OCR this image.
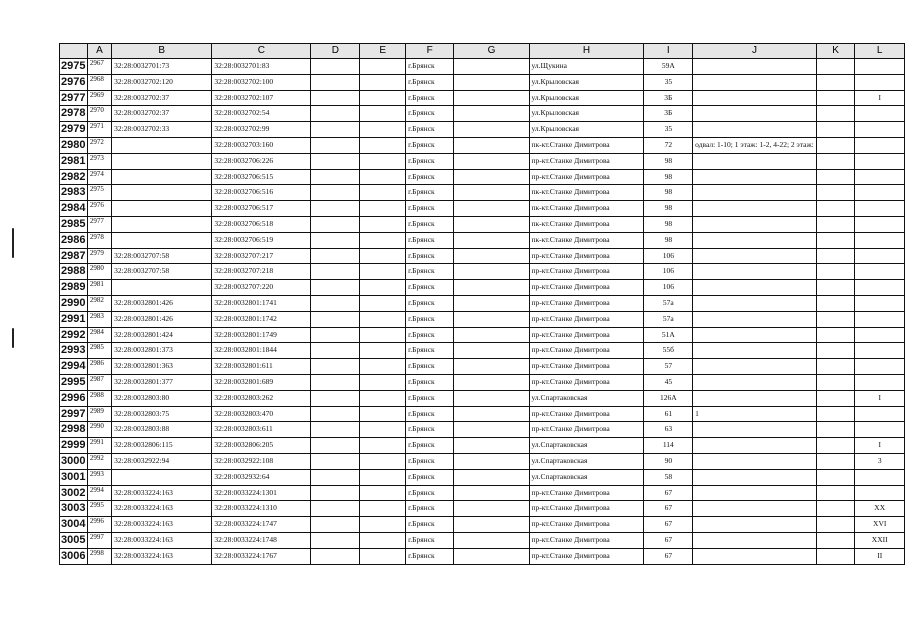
	A	B	C	D	E	F	G	H	I	J	K	L
2975	2967	32:28:0032701:73	32:28:0032701:83			г.Брянск		ул.Щукина	59А			
2976	2968	32:28:0032702:120	32:28:0032702:100			г.Брянск		ул.Крыловская	35			
2977	2969	32:28:0032702:37	32:28:0032702:107			г.Брянск		ул.Крыловская	3Б			I
2978	2970	32:28:0032702:37	32:28:0032702:54			г.Брянск		ул.Крыловская	3Б			
2979	2971	32:28:0032702:33	32:28:0032702:99			г.Брянск		ул.Крыловская	35			
2980	2972		32:28:0032703:160			г.Брянск		пк-кт.Станке Димитрова	72	одвал: 1-10; 1 этаж: 1-2, 4-22; 2 этаж:		
2981	2973		32:28:0032706:226			г.Брянск		пр-кт.Станке Димитрова	98			
2982	2974		32:28:0032706:515			г.Брянск		пр-кт.Станке Димитрова	98			
2983	2975		32:28:0032706:516			г.Брянск		пк-кт.Станке Димитрова	98			
2984	2976		32:28:0032706:517			г.Брянск		пк-кт.Станке Димитрова	98			
2985	2977		32:28:0032706:518			г.Брянск		пк-кт.Станке Димитрова	98			
2986	2978		32:28:0032706:519			г.Брянск		пк-кт.Станке Димитрова	98			
2987	2979	32:28:0032707:58	32:28:0032707:217			г.Брянск		пр-кт.Станке Димитрова	106			
2988	2980	32:28:0032707:58	32:28:0032707:218			г.Брянск		пр-кт.Станке Димитрова	106			
2989	2981		32:28:0032707:220			г.Брянск		пр-кт.Станке Димитрова	106			
2990	2982	32:28:0032801:426	32:28:0032801:1741			г.Брянск		пр-кт.Станке Димитрова	57а			
2991	2983	32:28:0032801:426	32:28:0032801:1742			г.Брянск		пр-кт.Станке Димитрова	57а			
2992	2984	32:28:0032801:424	32:28:0032801:1749			г.Брянск		пр-кт.Станке Димитрова	51А			
2993	2985	32:28:0032801:373	32:28:0032801:1844			г.Брянск		пр-кт.Станке Димитрова	55б			
2994	2986	32:28:0032801:363	32:28:0032801:611			г.Брянск		пр-кт.Станке Димитрова	57			
2995	2987	32:28:0032801:377	32:28:0032801:689			г.Брянск		пр-кт.Станке Димитрова	45			
2996	2988	32:28:0032803:80	32:28:0032803:262			г.Брянск		ул.Спартаковская	126А			I
2997	2989	32:28:0032803:75	32:28:0032803:470			г.Брянск		пр-кт.Станке Димитрова	61	1		
2998	2990	32:28:0032803:88	32:28:0032803:611			г.Брянск		пр-кт.Станке Димитрова	63			
2999	2991	32:28:0032806:115	32:28:0032806:205			г.Брянск		ул.Спартаковская	114			I
3000	2992	32:28:0032922:94	32:28:0032922:108			г.Брянск		ул.Спартаковская	90			3
3001	2993		32:28:0032932:64			г.Брянск		ул.Спартаковская	58			
3002	2994	32:28:0033224:163	32:28:0033224:1301			г.Брянск		пр-кт.Станке Димитрова	67			
3003	2995	32:28:0033224:163	32:28:0033224:1310			г.Брянск		пр-кт.Станке Димитрова	67			XX
3004	2996	32:28:0033224:163	32:28:0033224:1747			г.Брянск		пр-кт.Станке Димитрова	67			XVI
3005	2997	32:28:0033224:163	32:28:0033224:1748			г.Брянск		пр-кт.Станке Димитрова	67			XXII
3006	2998	32:28:0033224:163	32:28:0033224:1767			г.Брянск		пр-кт.Станке Димитрова	67			II
